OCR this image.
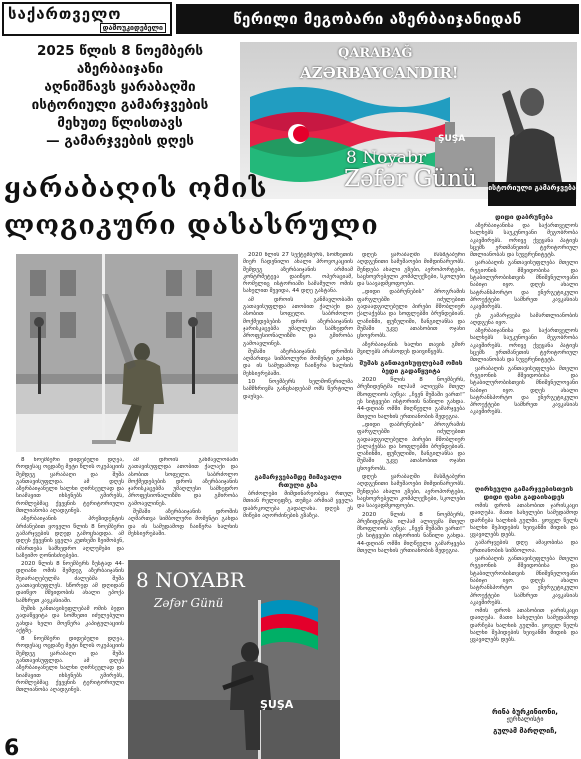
საქართველო
დამოუკიდებელი	წერილი მეგობარი აზერბაიჯანიდან
2025 წლის 8 ნოემბერს
აზერბაიჯანი
აღნიშნავს ყარაბაღში
ისტორიული გამარჯვების
მეხუთე წლისთავს
— გამარჯვების დღეს
QARABAĞ
AZƏRBAYCANDIR!
ŞUŞA
8 Noyabr
Zəfər Günü ისტორიული გამარჯვება
ყარაბაღის ომის
ლოგიკური დასასრული

8 ნოემბერი დიდებული დღეა, როდესაც ოცდაზე მეტი წლის ოკუპაციის შემდეგ ყარაბაღი და შუშა განთავისუფლდა. ამ დღეს აზერბაიჯანელი ხალხი ღირსეულად და სიამაყით იხსენებს გმირებს, რომლებმაც ქვეყნის ტერიტორიული მთლიანობა აღადგინეს.

აზერბაიჯანის პრეზიდენტის ბრძანებით ყოველი წლის 8 ნოემბერი გამარჯვების დღედ გამოცხადდა. ამ დღეს ქვეყნის ყველა კუთხეში ზეიმობენ, იმართება სამხედრო აღლუმები და საზეიმო ღონისძიებები.

2020 წლის 8 ნოემბერს ზუსტად 44-დღიანი ომის შემდეგ აზერბაიჯანის შეიარაღებულმა ძალებმა შუშა გაათავისუფლეს. სწორედ ამ დღიდან დაიწყო მშვიდობის ახალი ეპოქა სამხრეთ კავკასიაში.

შუშის განთავისუფლებამ ომის ბედი გადაწყვიტა და სომხეთი იძულებული გახდა ხელი მოეწერა კაპიტულაციის აქტზე.

8 ნოემბერი დიდებული დღეა, როდესაც ოცდაზე მეტი წლის ოკუპაციის შემდეგ ყარაბაღი და შუშა განთავისუფლდა. ამ დღეს აზერბაიჯანელი ხალხი ღირსეულად და სიამაყით იხსენებს გმირებს, რომლებმაც ქვეყნის ტერიტორიული მთლიანობა აღადგინეს.

2020 წლის 27 სექტემბერს, სომხეთის მიერ ჩადენილი ახალი პროვოკაციის შემდეგ აზერბაიჯანის არმიამ კონტრშეტევა დაიწყო. ოპერაციამ, რომელიც ისტორიაში სამამულო ომის სახელით შევიდა, 44 დღე გასტანა.

ამ დროის განმავლობაში გათავისუფლდა ათობით ქალაქი და ასობით სოფელი. საბრძოლო მოქმედებების დროს აზერბაიჯანის ჯარისკაცებმა უმაღლესი სამხედრო პროფესიონალიზმი და გმირობა გამოავლინეს.

შუშაში აზერბაიჯანის დროშის აღმართვა სიმბოლური მომენტი გახდა და ის სამუდამოდ ჩაიწერა ხალხის მეხსიერებაში.

10 ნოემბერს ხელმოწერილმა სამმხრივმა განცხადებამ ომს წერტილი დაუსვა.

ამ დროის განმავლობაში გათავისუფლდა ათობით ქალაქი და ასობით სოფელი. საბრძოლო მოქმედებების დროს აზერბაიჯანის ჯარისკაცებმა უმაღლესი სამხედრო პროფესიონალიზმი და გმირობა გამოავლინეს.

შუშაში აზერბაიჯანის დროშის აღმართვა სიმბოლური მომენტი გახდა და ის სამუდამოდ ჩაიწერა ხალხის მეხსიერებაში.

გამარჯვებამდე მიმავალი რთული გზა

ბრძოლები მიმდინარეობდა რთულ მთიან რელიეფზე, თუმცა არმიამ ყველა დაბრკოლება გადალახა. დღეს ეს მიწები აღორძინების გზაზეა.

დღეს ყარაბაღში მასშტაბური აღდგენითი სამუშაოები მიმდინარეობს. შენდება ახალი გზები, აეროპორტები, საცხოვრებელი კომპლექსები, სკოლები და საავადმყოფოები.

„დიდი დაბრუნების“ პროგრამის ფარგლებში იძულებით გადაადგილებული პირები მშობლიურ ქალაქებსა და სოფლებში ბრუნდებიან. ლაჩინში, ფუზულიში, ზანგილანსა და შუშაში უკვე ათასობით ოჯახი ცხოვრობს.

აზერბაიჯანის ხალხი თავის გმირ შვილებს არასოდეს დაივიწყებს.

შუშას განთავისუფლებამ ომის ბედი გადაწყვიტა

2020 წლის 8 ნოემბერს, პრეზიდენტმა ილჰამ ალიევმა მთელ მსოფლიოს აუწყა: „ჩვენ შუშაში ვართ!“ ეს სიტყვები ისტორიის ნაწილი გახდა. 44-დღიან ომში მიღწეული გამარჯვება მთელი ხალხის ერთიანობის შედეგია.

„დიდი დაბრუნების“ პროგრამის ფარგლებში იძულებით გადაადგილებული პირები მშობლიურ ქალაქებსა და სოფლებში ბრუნდებიან. ლაჩინში, ფუზულიში, ზანგილანსა და შუშაში უკვე ათასობით ოჯახი ცხოვრობს.

დღეს ყარაბაღში მასშტაბური აღდგენითი სამუშაოები მიმდინარეობს. შენდება ახალი გზები, აეროპორტები, საცხოვრებელი კომპლექსები, სკოლები და საავადმყოფოები.

2020 წლის 8 ნოემბერს, პრეზიდენტმა ილჰამ ალიევმა მთელ მსოფლიოს აუწყა: „ჩვენ შუშაში ვართ!“ ეს სიტყვები ისტორიის ნაწილი გახდა. 44-დღიან ომში მიღწეული გამარჯვება მთელი ხალხის ერთიანობის შედეგია.

დიდი დაბრუნება

აზერბაიჯანისა და საქართველოს ხალხებს საუკუნოვანი მეგობრობა აკავშირებს. ორივე ქვეყანა პატივს სცემს ერთმანეთის ტერიტორიულ მთლიანობას და სუვერენიტეტს.

ყარაბაღის განთავისუფლება მთელი რეგიონის მშვიდობისა და სტაბილურობისთვის მნიშვნელოვანი ნაბიჯი იყო. დღეს ახალი სატრანსპორტო და ენერგეტიკული პროექტები სამხრეთ კავკასიას აკავშირებს.

ეს გამარჯვება სამართლიანობის აღდგენა იყო.

აზერბაიჯანისა და საქართველოს ხალხებს საუკუნოვანი მეგობრობა აკავშირებს. ორივე ქვეყანა პატივს სცემს ერთმანეთის ტერიტორიულ მთლიანობას და სუვერენიტეტს.

ყარაბაღის განთავისუფლება მთელი რეგიონის მშვიდობისა და სტაბილურობისთვის მნიშვნელოვანი ნაბიჯი იყო. დღეს ახალი სატრანსპორტო და ენერგეტიკული პროექტები სამხრეთ კავკასიას აკავშირებს.

ღირსეული გამარჯვებისთვის დიდი ფასი გადაიხადეს

ომის დროს ათასობით ჯარისკაცი დაიღუპა. მათი სახელები სამუდამოდ დარჩება ხალხის გულში. ყოველ წელს ხალხი შეჰიდების ხეივანში მიდის და ყვავილებს დებს.

გამარჯვების დღე ამაყობისა და ერთიანობის სიმბოლოა.

ყარაბაღის განთავისუფლება მთელი რეგიონის მშვიდობისა და სტაბილურობისთვის მნიშვნელოვანი ნაბიჯი იყო. დღეს ახალი სატრანსპორტო და ენერგეტიკული პროექტები სამხრეთ კავკასიას აკავშირებს.

ომის დროს ათასობით ჯარისკაცი დაიღუპა. მათი სახელები სამუდამოდ დარჩება ხალხის გულში. ყოველ წელს ხალხი შეჰიდების ხეივანში მიდის და ყვავილებს დებს.

რინა ბურკინიონი,
ჟურნალისტი
გულამ მარღლიჩ,
8 NOYABR
Zəfər Günü
ŞUŞA
6
